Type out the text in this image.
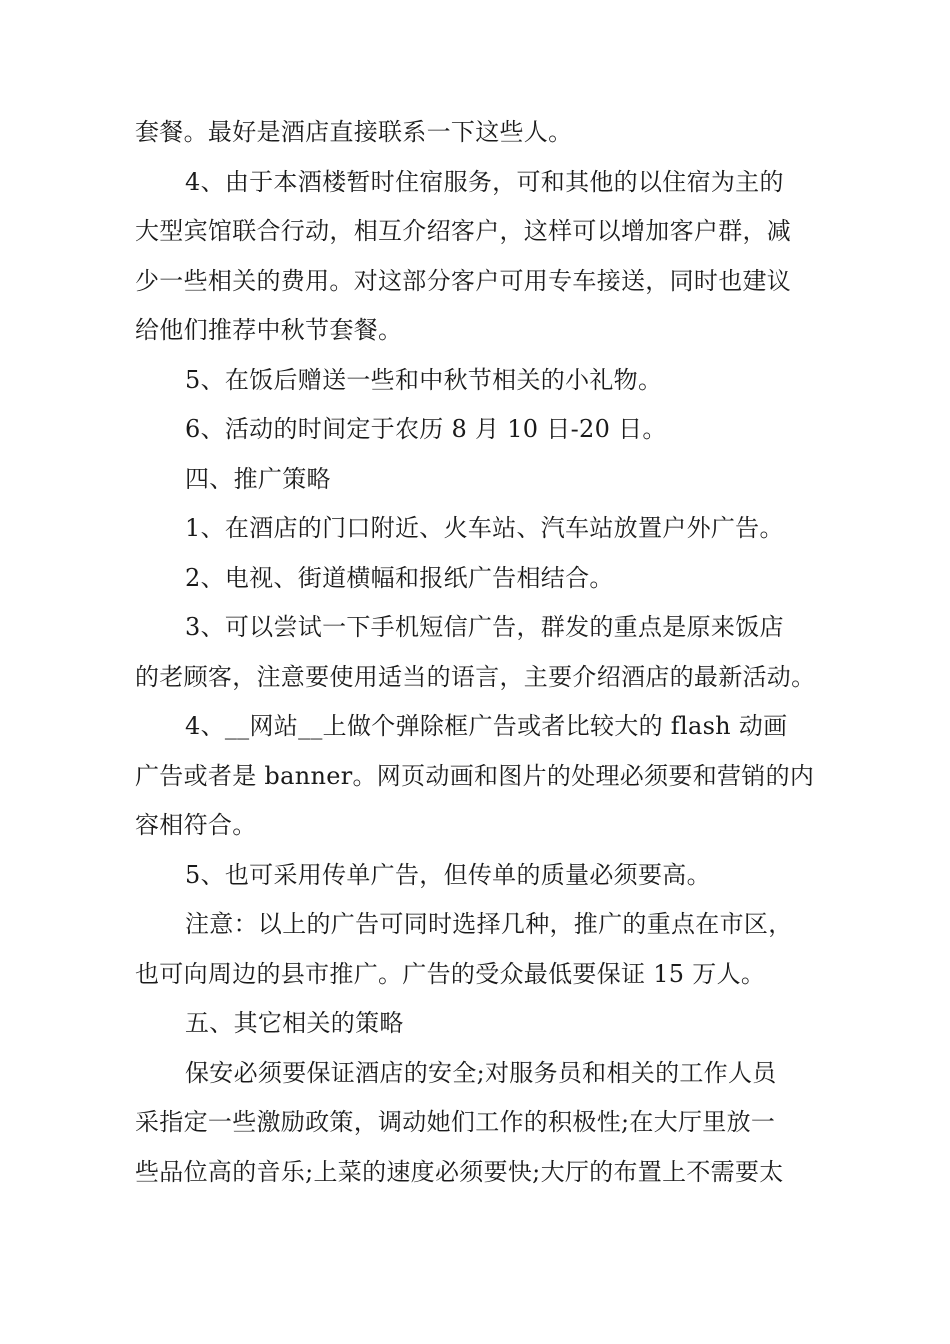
套餐。最好是酒店直接联系一下这些人。
4、由于本酒楼暂时住宿服务，可和其他的以住宿为主的
大型宾馆联合行动，相互介绍客户，这样可以增加客户群，减
少一些相关的费用。对这部分客户可用专车接送，同时也建议
给他们推荐中秋节套餐。
5、在饭后赠送一些和中秋节相关的小礼物。
6、活动的时间定于农历 8 月 10 日-20 日。
四、推广策略
1、在酒店的门口附近、火车站、汽车站放置户外广告。
2、电视、街道横幅和报纸广告相结合。
3、可以尝试一下手机短信广告，群发的重点是原来饭店
的老顾客，注意要使用适当的语言，主要介绍酒店的最新活动。
4、__网站__上做个弹除框广告或者比较大的 flash 动画
广告或者是 banner。网页动画和图片的处理必须要和营销的内
容相符合。
5、也可采用传单广告，但传单的质量必须要高。
注意：以上的广告可同时选择几种，推广的重点在市区，
也可向周边的县市推广。广告的受众最低要保证 15 万人。
五、其它相关的策略
保安必须要保证酒店的安全;对服务员和相关的工作人员
采指定一些激励政策，调动她们工作的积极性;在大厅里放一
些品位高的音乐;上菜的速度必须要快;大厅的布置上不需要太
